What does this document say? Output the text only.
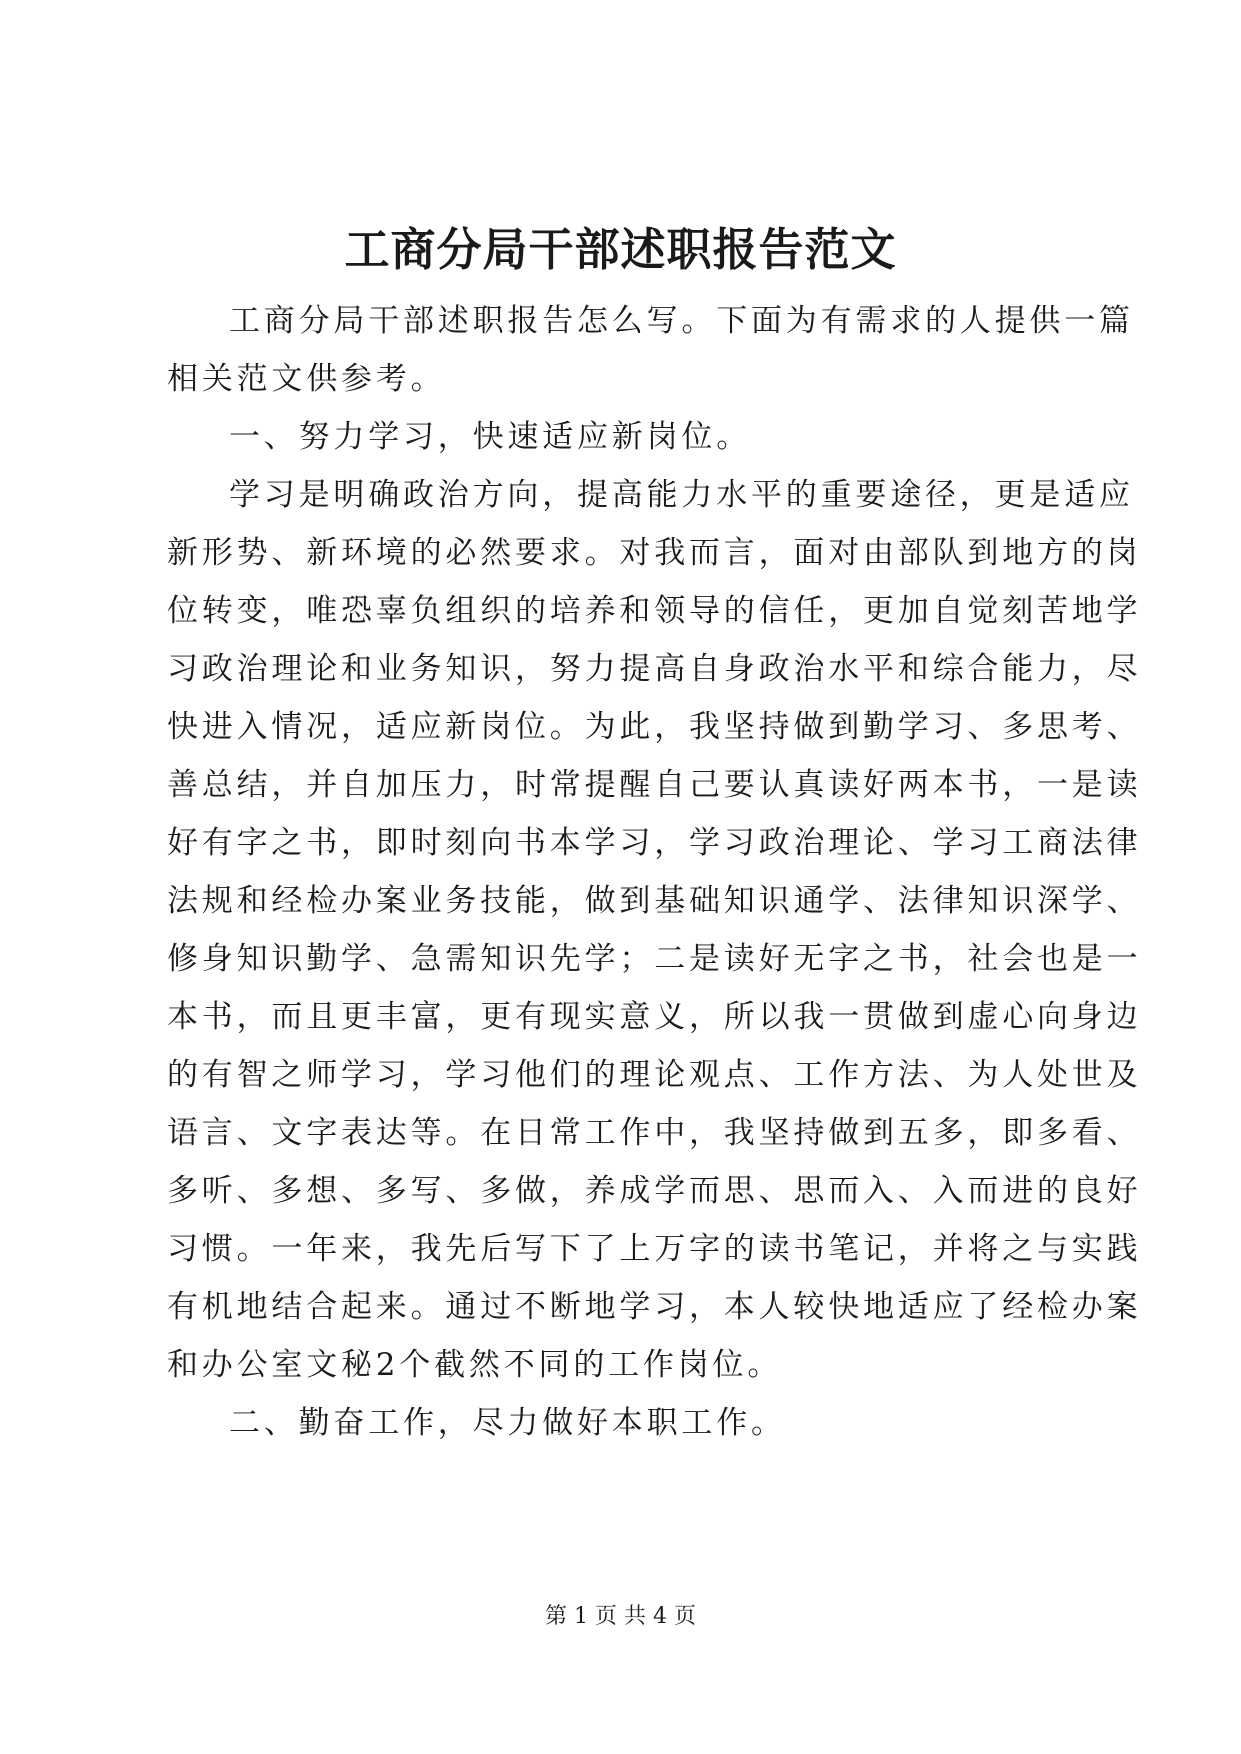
工商分局干部述职报告范文

工商分局干部述职报告怎么写。下面为有需求的人提供一篇
相关范文供参考。

一、努力学习，快速适应新岗位。

学习是明确政治方向，提高能力水平的重要途径，更是适应
新形势、新环境的必然要求。对我而言，面对由部队到地方的岗
位转变，唯恐辜负组织的培养和领导的信任，更加自觉刻苦地学
习政治理论和业务知识，努力提高自身政治水平和综合能力，尽
快进入情况，适应新岗位。为此，我坚持做到勤学习、多思考、
善总结，并自加压力，时常提醒自己要认真读好两本书，一是读
好有字之书，即时刻向书本学习，学习政治理论、学习工商法律
法规和经检办案业务技能，做到基础知识通学、法律知识深学、
修身知识勤学、急需知识先学；二是读好无字之书，社会也是一
本书，而且更丰富，更有现实意义，所以我一贯做到虚心向身边
的有智之师学习，学习他们的理论观点、工作方法、为人处世及
语言、文字表达等。在日常工作中，我坚持做到五多，即多看、
多听、多想、多写、多做，养成学而思、思而入、入而进的良好
习惯。一年来，我先后写下了上万字的读书笔记，并将之与实践
有机地结合起来。通过不断地学习，本人较快地适应了经检办案
和办公室文秘2个截然不同的工作岗位。

二、勤奋工作，尽力做好本职工作。

第 1 页 共 4 页
